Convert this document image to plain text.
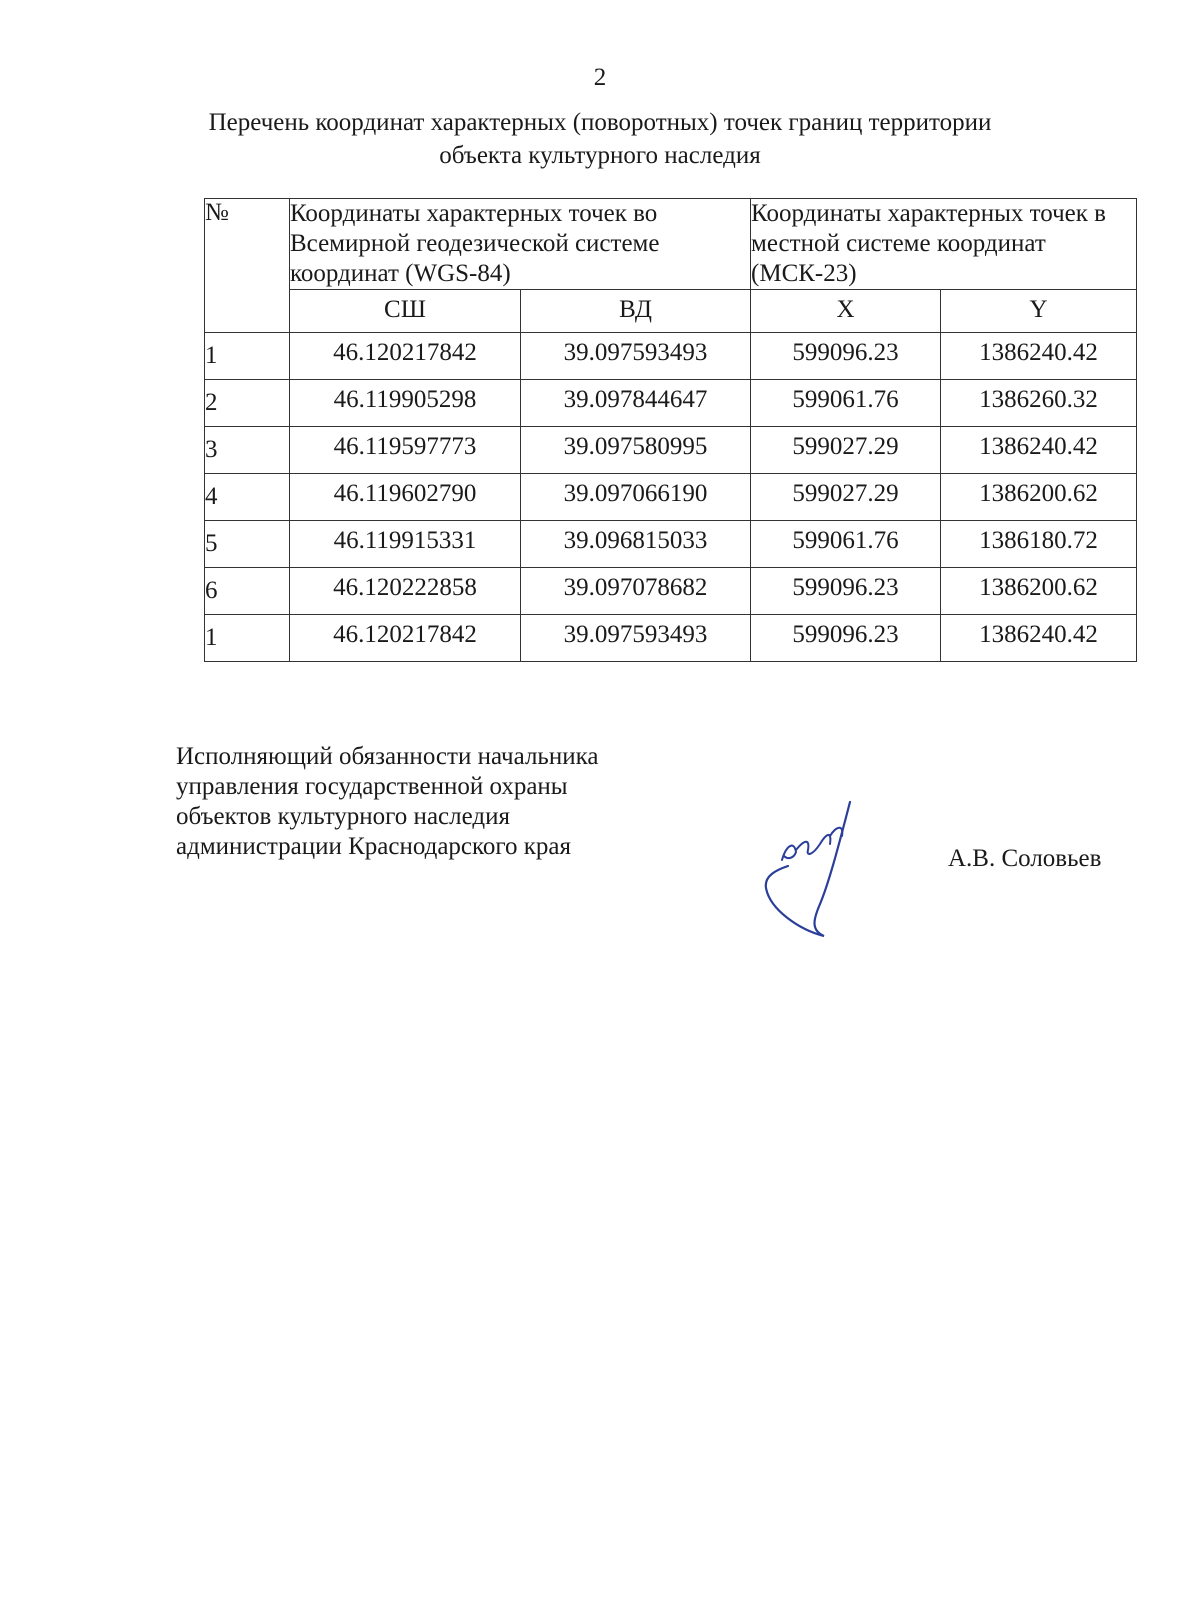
2
Перечень координат характерных (поворотных) точек границ территории
объекта культурного наследия
№	Координаты характерных точек во Всемирной геодезической системе координат (WGS-84)		Координаты характерных точек в местной системе координат (МСК-23)	
	СШ	ВД	X	Y
1	46.120217842	39.097593493	599096.23	1386240.42
2	46.119905298	39.097844647	599061.76	1386260.32
3	46.119597773	39.097580995	599027.29	1386240.42
4	46.119602790	39.097066190	599027.29	1386200.62
5	46.119915331	39.096815033	599061.76	1386180.72
6	46.120222858	39.097078682	599096.23	1386200.62
1	46.120217842	39.097593493	599096.23	1386240.42
Исполняющий обязанности начальника
управления государственной охраны
объектов культурного наследия
администрации Краснодарского края	А.В. Соловьев
